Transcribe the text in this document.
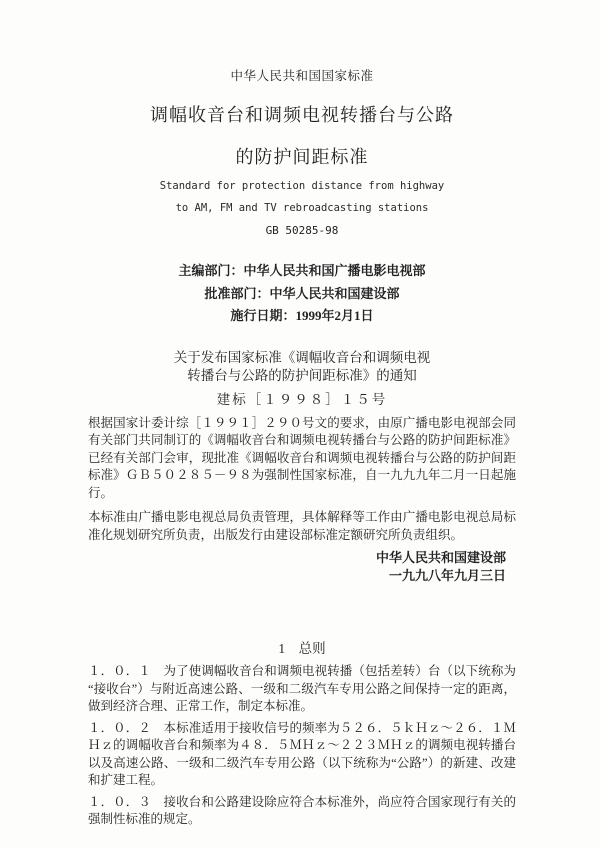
中华人民共和国国家标准
调幅收音台和调频电视转播台与公路
的防护间距标准
Standard for protection distance from highway
to AM, FM and TV rebroadcasting stations
GB 50285-98
主编部门：中华人民共和国广播电影电视部
批准部门：中华人民共和国建设部
施行日期：1999年2月1日
关于发布国家标准《调幅收音台和调频电视
转播台与公路的防护间距标准》的通知
建标［１９９８］１５号

根据国家计委计综［１９９１］２９０号文的要求，由原广播电影电视部会同有关部门共同制订的《调幅收音台和调频电视转播台与公路的防护间距标准》已经有关部门会审，现批准《调幅收音台和调频电视转播台与公路的防护间距标准》ＧＢ５０２８５－９８为强制性国家标准，自一九九九年二月一日起施行。

本标准由广播电影电视总局负责管理，具体解释等工作由广播电影电视总局标准化规划研究所负责，出版发行由建设部标准定额研究所负责组织。

中华人民共和国建设部
一九九八年九月三日
1　总则

１．０．１　为了使调幅收音台和调频电视转播（包括差转）台（以下统称为“接收台”）与附近高速公路、一级和二级汽车专用公路之间保持一定的距离，做到经济合理、正常工作，制定本标准。

１．０．２　本标准适用于接收信号的频率为５２６．５ｋＨｚ～２６．１ＭＨｚ的调幅收音台和频率为４８．５ＭＨｚ～２２３ＭＨｚ的调频电视转播台以及高速公路、一级和二级汽车专用公路（以下统称为“公路”）的新建、改建和扩建工程。

１．０．３　接收台和公路建设除应符合本标准外，尚应符合国家现行有关的强制性标准的规定。
